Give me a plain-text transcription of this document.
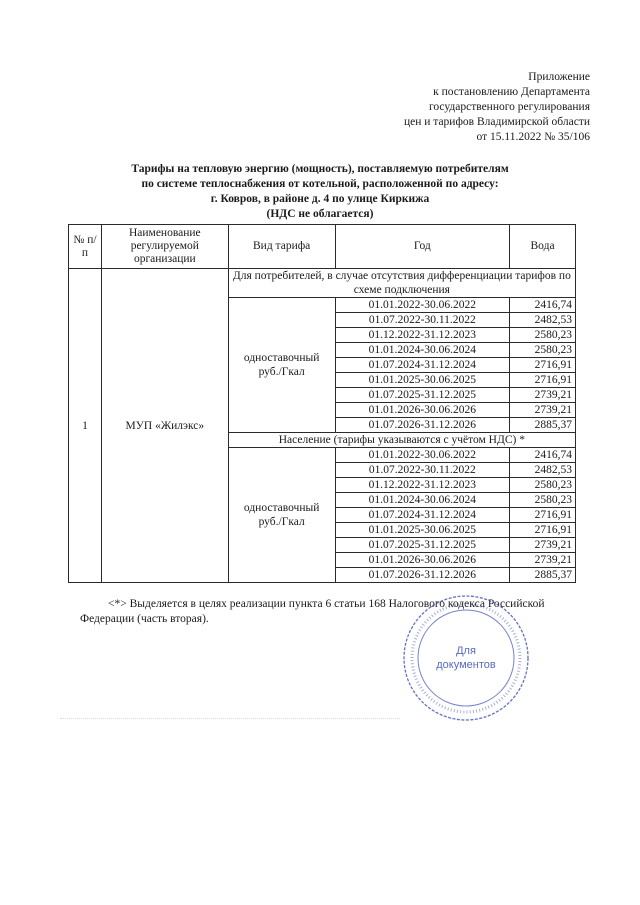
Приложение
к постановлению Департамента
государственного регулирования
цен и тарифов Владимирской области
от 15.11.2022 № 35/106
Тарифы на тепловую энергию (мощность), поставляемую потребителям
по системе теплоснабжения от котельной, расположенной по адресу:
г. Ковров, в районе д. 4 по улице Киркижа
(НДС не облагается)
№ п/п	Наименование регулируемой организации	Вид тарифа	Год	Вода
1	МУП «Жилэкс»	Для потребителей, в случае отсутствия дифференциации тарифов по схеме подключения		
		одноставочный руб./Гкал	01.01.2022-30.06.2022	2416,74
			01.07.2022-30.11.2022	2482,53
			01.12.2022-31.12.2023	2580,23
			01.01.2024-30.06.2024	2580,23
			01.07.2024-31.12.2024	2716,91
			01.01.2025-30.06.2025	2716,91
			01.07.2025-31.12.2025	2739,21
			01.01.2026-30.06.2026	2739,21
			01.07.2026-31.12.2026	2885,37
		Население (тарифы указываются с учётом НДС) *		
		одноставочный руб./Гкал	01.01.2022-30.06.2022	2416,74
			01.07.2022-30.11.2022	2482,53
			01.12.2022-31.12.2023	2580,23
			01.01.2024-30.06.2024	2580,23
			01.07.2024-31.12.2024	2716,91
			01.01.2025-30.06.2025	2716,91
			01.07.2025-31.12.2025	2739,21
			01.01.2026-30.06.2026	2739,21
			01.07.2026-31.12.2026	2885,37

<*> Выделяется в целях реализации пункта 6 статьи 168 Налогового кодекса Российской Федерации (часть вторая).

Для
документов
